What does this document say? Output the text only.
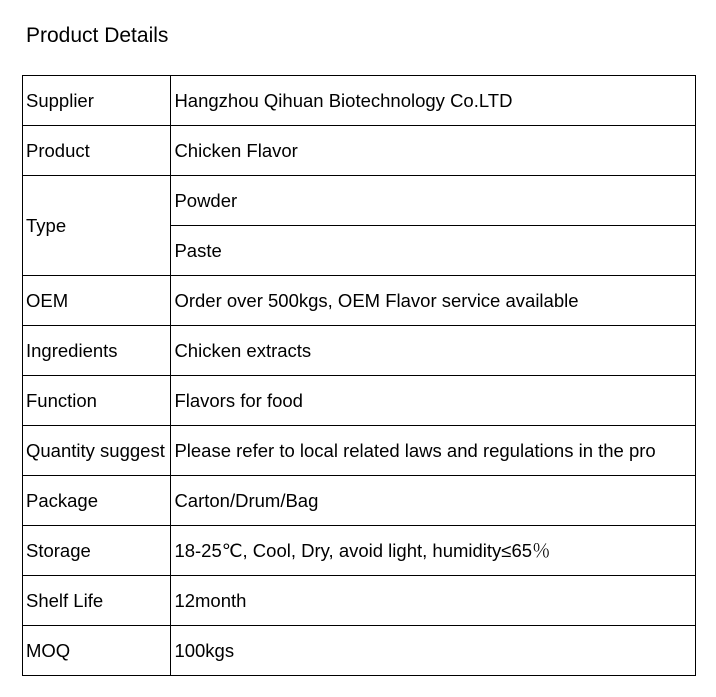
Product Details
Supplier	Hangzhou Qihuan Biotechnology Co.LTD
Product	Chicken Flavor
Type	Powder
	Paste
OEM	Order over 500kgs, OEM Flavor service available
Ingredients	Chicken extracts
Function	Flavors for food
Quantity suggest	Please refer to local related laws and regulations in the pro
Package	Carton/Drum/Bag
Storage	18-25℃, Cool, Dry, avoid light, humidity≤65％
Shelf Life	12month
MOQ	100kgs
